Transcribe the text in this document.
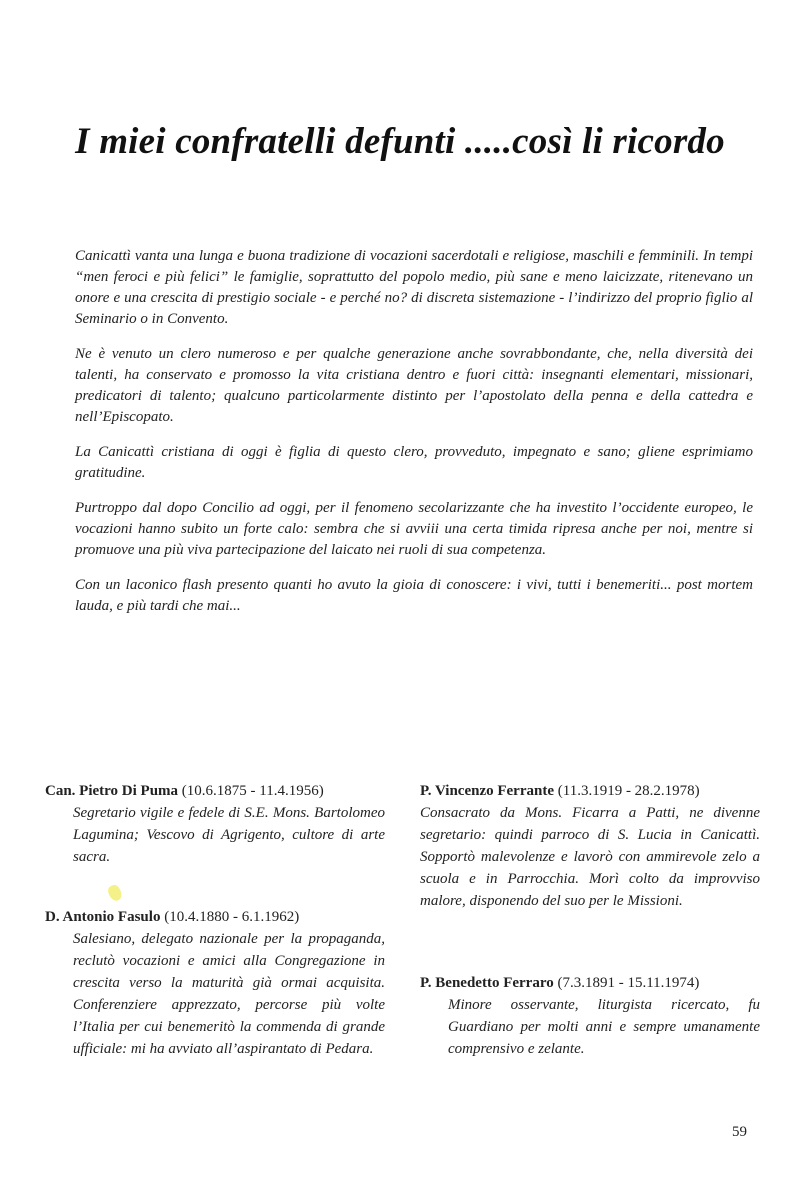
I miei confratelli defunti .....così li ricordo

Canicattì vanta una lunga e buona tradizione di vocazioni sacerdotali e religiose, maschili e femminili. In tempi “men feroci e più felici” le famiglie, soprattutto del popolo medio, più sane e meno laicizzate, ritenevano un onore e una crescita di prestigio sociale - e perché no? di discreta sistemazione - l’indirizzo del proprio figlio al Seminario o in Convento.

Ne è venuto un clero numeroso e per qualche generazione anche sovrabbondante, che, nella diversità dei talenti, ha conservato e promosso la vita cristiana dentro e fuori città: insegnanti elementari, missionari, predicatori di talento; qualcuno particolarmente distinto per l’apostolato della penna e della cattedra e nell’Episcopato.

La Canicattì cristiana di oggi è figlia di questo clero, provveduto, impegnato e sano; gliene esprimiamo gratitudine.

Purtroppo dal dopo Concilio ad oggi, per il fenomeno secolarizzante che ha investito l’occidente europeo, le vocazioni hanno subito un forte calo: sembra che si avviii una certa timida ripresa anche per noi, mentre si promuove una più viva partecipazione del laicato nei ruoli di sua competenza.

Con un laconico flash presento quanti ho avuto la gioia di conoscere: i vivi, tutti i benemeriti... post mortem lauda, e più tardi che mai...

Can. Pietro Di Puma (10.6.1875 - 11.4.1956)

Segretario vigile e fedele di S.E. Mons. Bartolomeo Lagumina; Vescovo di Agrigento, cultore di arte sacra.

D. Antonio Fasulo (10.4.1880 - 6.1.1962)

Salesiano, delegato nazionale per la propaganda, reclutò vocazioni e amici alla Congregazione in crescita verso la maturità già ormai acquisita. Conferenziere apprezzato, percorse più volte l’Italia per cui benemeritò la commenda di grande ufficiale: mi ha avviato all’aspirantato di Pedara.

P. Vincenzo Ferrante (11.3.1919 - 28.2.1978)

Consacrato da Mons. Ficarra a Patti, ne divenne segretario: quindi parroco di S. Lucia in Canicattì. Sopportò malevolenze e lavorò con ammirevole zelo a scuola e in Parrocchia. Morì colto da improvviso malore, disponendo del suo per le Missioni.

P. Benedetto Ferraro (7.3.1891 - 15.11.1974)

Minore osservante, liturgista ricercato, fu Guardiano per molti anni e sempre umanamente comprensivo e zelante.

59
